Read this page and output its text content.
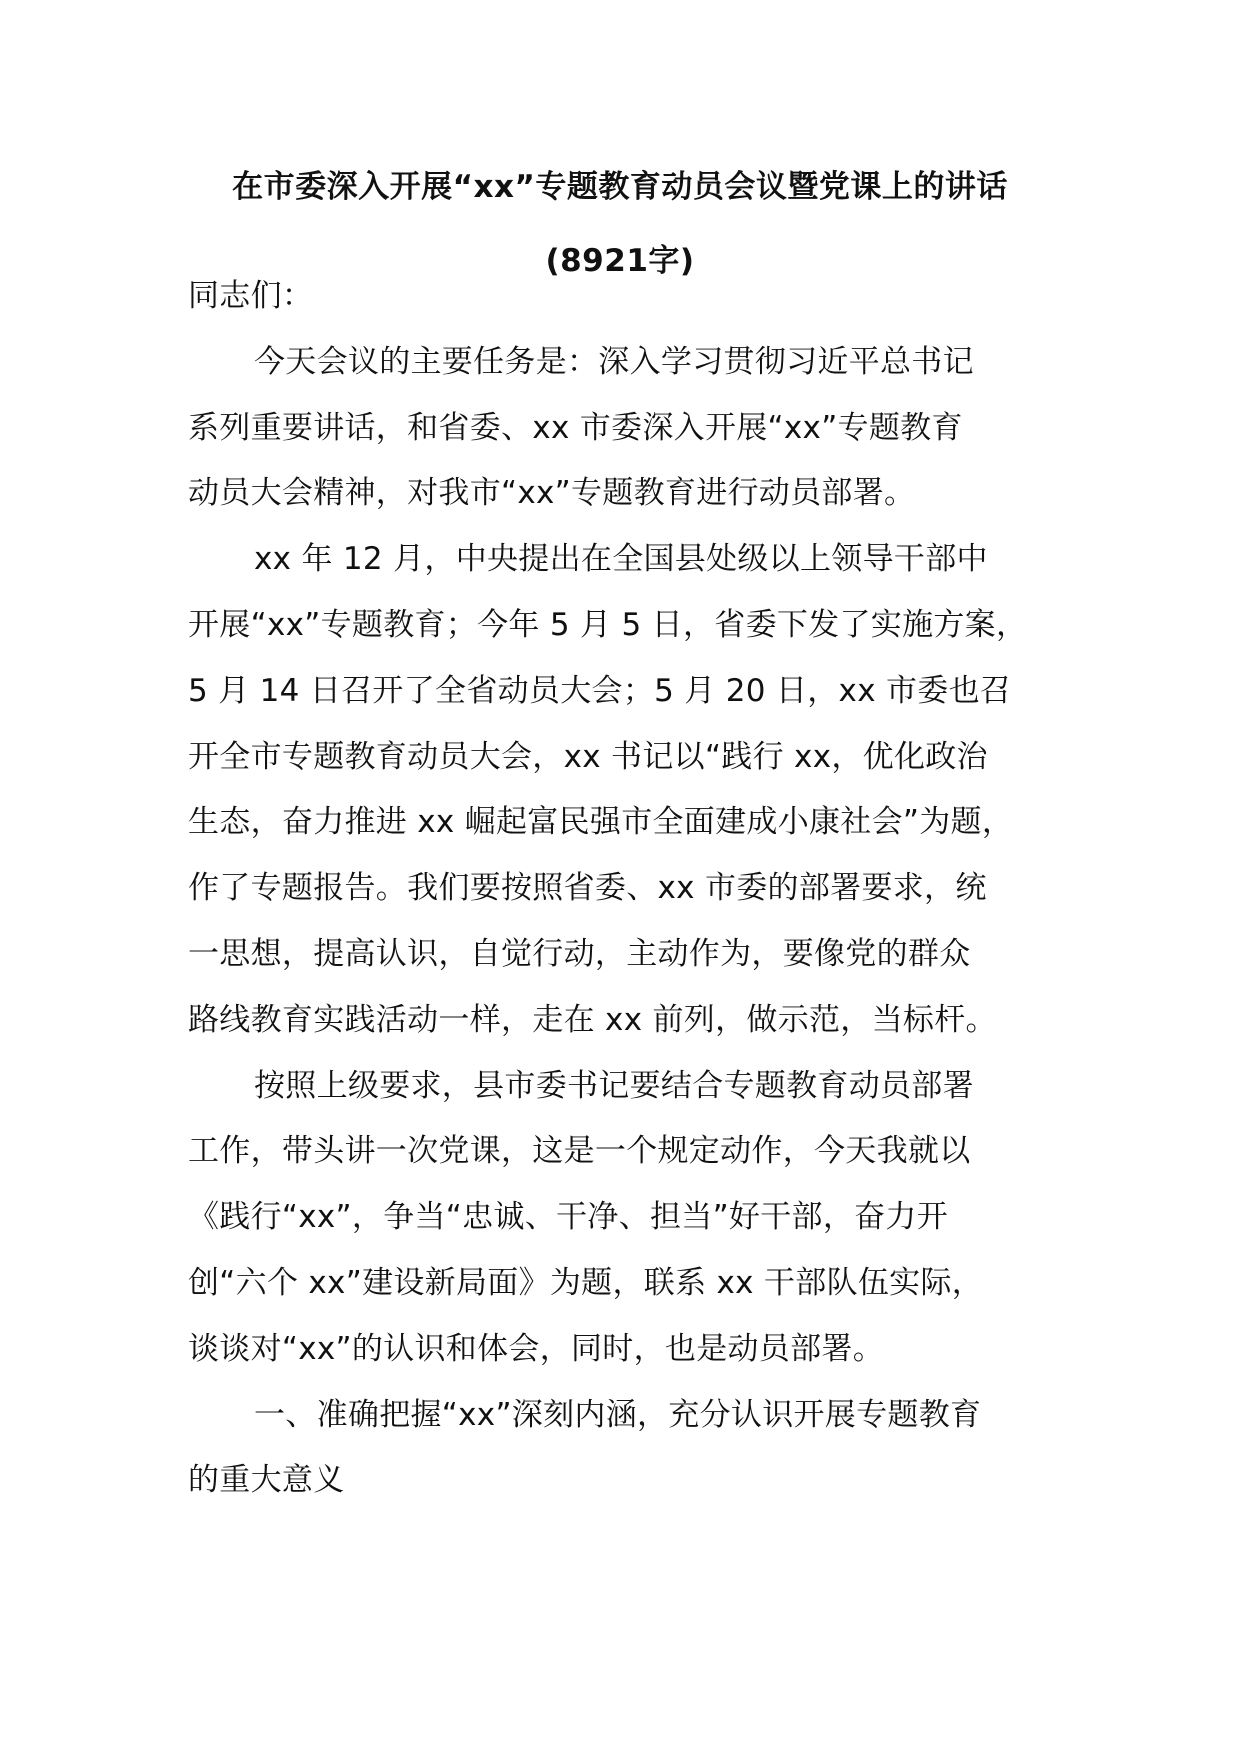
在市委深入开展“xx”专题教育动员会议暨党课上的讲话
(8921字)
同志们：
今天会议的主要任务是：深入学习贯彻习近平总书记
系列重要讲话，和省委、xx 市委深入开展“xx”专题教育
动员大会精神，对我市“xx”专题教育进行动员部署。
xx 年 12 月，中央提出在全国县处级以上领导干部中
开展“xx”专题教育；今年 5 月 5 日，省委下发了实施方案，
5 月 14 日召开了全省动员大会；5 月 20 日，xx 市委也召
开全市专题教育动员大会，xx 书记以“践行 xx，优化政治
生态，奋力推进 xx 崛起富民强市全面建成小康社会”为题，
作了专题报告。我们要按照省委、xx 市委的部署要求，统
一思想，提高认识，自觉行动，主动作为，要像党的群众
路线教育实践活动一样，走在 xx 前列，做示范，当标杆。
按照上级要求，县市委书记要结合专题教育动员部署
工作，带头讲一次党课，这是一个规定动作，今天我就以
《践行“xx”，争当“忠诚、干净、担当”好干部，奋力开
创“六个 xx”建设新局面》为题，联系 xx 干部队伍实际，
谈谈对“xx”的认识和体会，同时，也是动员部署。
一、准确把握“xx”深刻内涵，充分认识开展专题教育
的重大意义
